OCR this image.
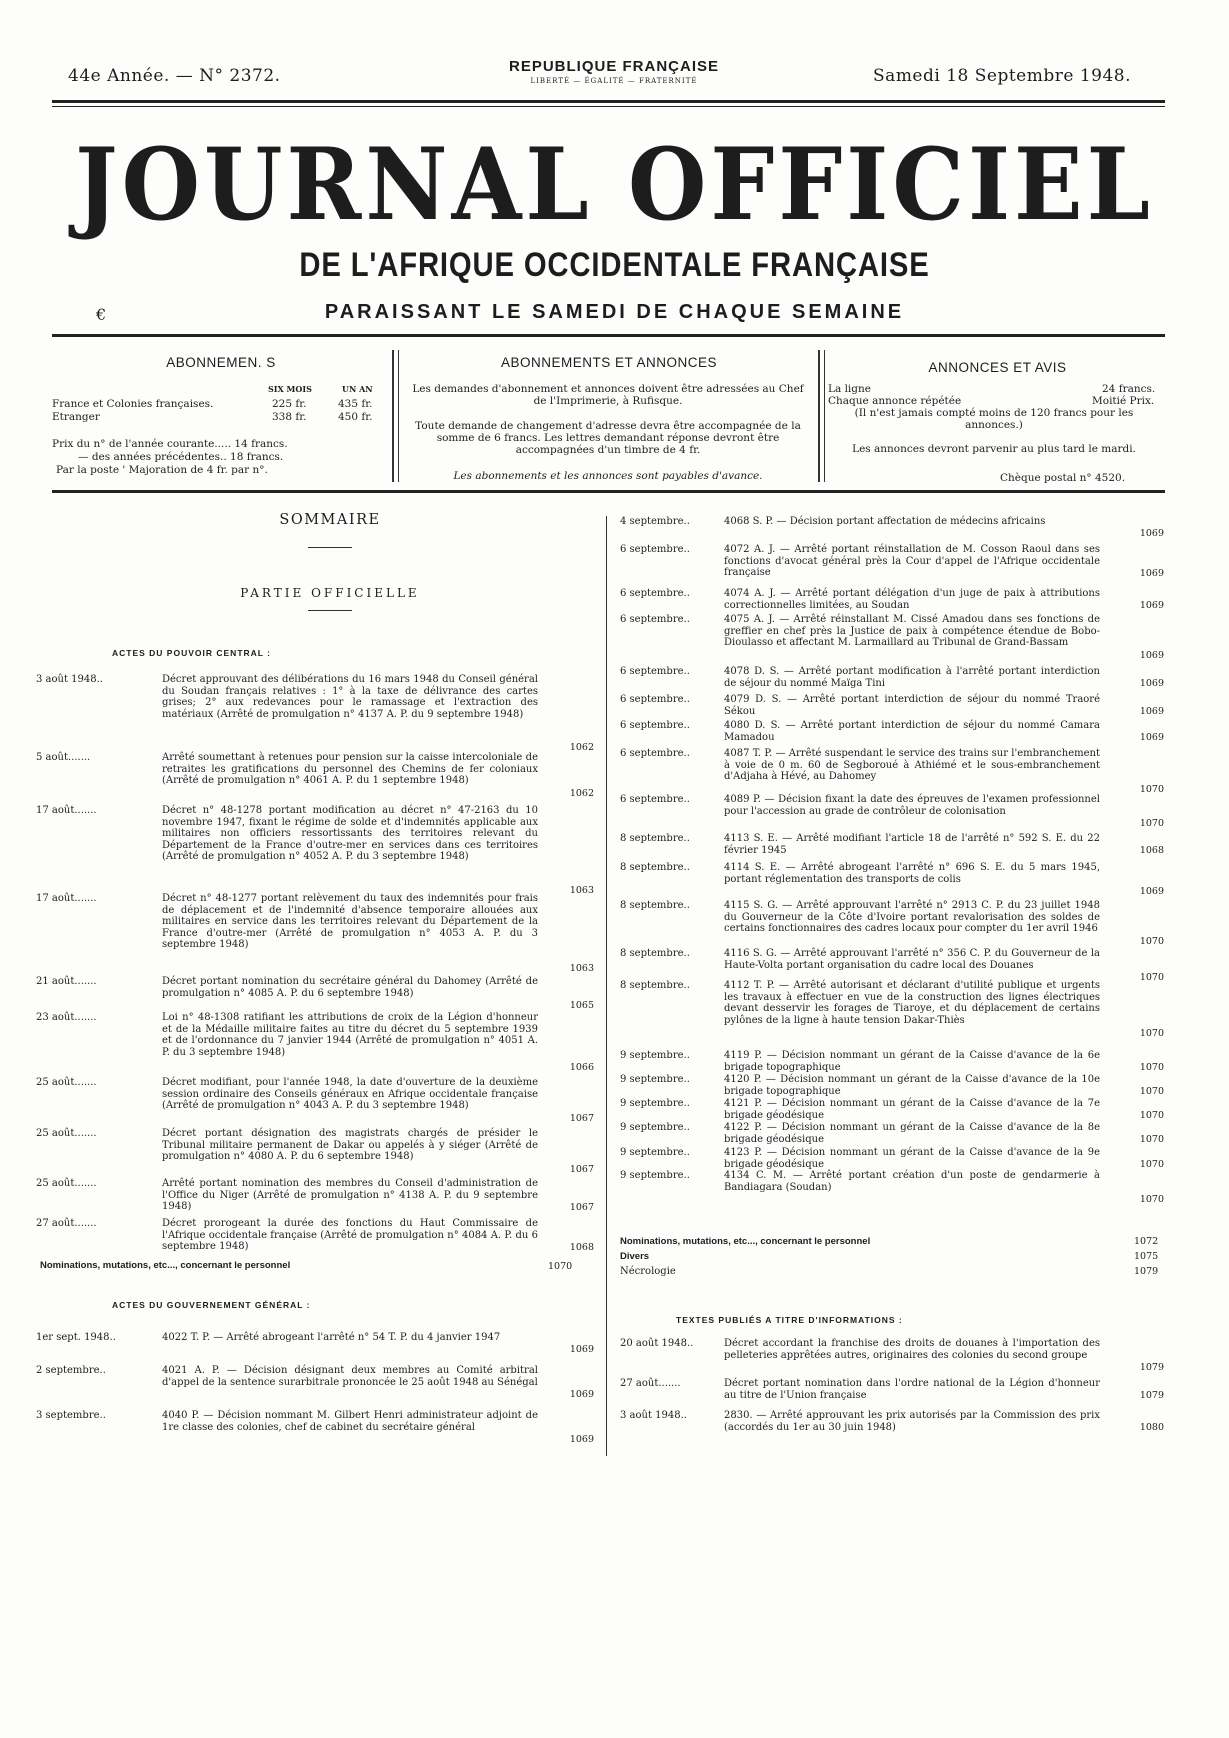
44e Année. — N° 2372.	REPUBLIQUE FRANÇAISE
LIBERTÉ — ÉGALITÉ — FRATERNITÉ	Samedi 18 Septembre 1948.
JOURNAL OFFICIEL
DE L'AFRIQUE OCCIDENTALE FRANÇAISE
€	PARAISSANT LE SAMEDI DE CHAQUE SEMAINE
ABONNEMEN. S
SIX MOIS	UN AN
France et Colonies françaises.	225 fr.	435 fr.
Etranger	338 fr.	450 fr.
Prix du n° de l'année courante..... 14 francs.
— des années précédentes.. 18 francs.
Par la poste ' Majoration de 4 fr. par n°.
ABONNEMENTS ET ANNONCES
Les demandes d'abonnement et annonces doivent être adressées au Chef de l'Imprimerie, à Rufisque.
Toute demande de changement d'adresse devra être accompagnée de la somme de 6 francs. Les lettres demandant réponse devront être accompagnées d'un timbre de 4 fr.
Les abonnements et les annonces sont payables d'avance.
ANNONCES ET AVIS
La ligne	24 francs.
Chaque annonce répétée	Moitié Prix.
(Il n'est jamais compté moins de 120 francs pour les annonces.)
Les annonces devront parvenir au plus tard le mardi.
Chèque postal n° 4520.
SOMMAIRE
PARTIE OFFICIELLE
ACTES DU POUVOIR CENTRAL :
3 août 1948..	Décret approuvant des délibérations du 16 mars 1948 du Conseil général du Soudan français relatives : 1° à la taxe de délivrance des cartes grises; 2° aux redevances pour le ramassage et l'extraction des matériaux (Arrêté de promulgation n° 4137 A. P. du 9 septembre 1948)
1062
5 août.......	Arrêté soumettant à retenues pour pension sur la caisse intercoloniale de retraites les gratifications du personnel des Chemins de fer coloniaux (Arrêté de promulgation n° 4061 A. P. du 1 septembre 1948)
1062
17 août.......	Décret n° 48-1278 portant modification au décret n° 47-2163 du 10 novembre 1947, fixant le régime de solde et d'indemnités applicable aux militaires non officiers ressortissants des territoires relevant du Département de la France d'outre-mer en services dans ces territoires (Arrêté de promulgation n° 4052 A. P. du 3 septembre 1948)
1063
17 août.......	Décret n° 48-1277 portant relèvement du taux des indemnités pour frais de déplacement et de l'indemnité d'absence temporaire allouées aux militaires en service dans les territoires relevant du Département de la France d'outre-mer (Arrêté de promulgation n° 4053 A. P. du 3 septembre 1948)
1063
21 août.......	Décret portant nomination du secrétaire général du Dahomey (Arrêté de promulgation n° 4085 A. P. du 6 septembre 1948)
1065
23 août.......	Loi n° 48-1308 ratifiant les attributions de croix de la Légion d'honneur et de la Médaille militaire faites au titre du décret du 5 septembre 1939 et de l'ordonnance du 7 janvier 1944 (Arrêté de promulgation n° 4051 A. P. du 3 septembre 1948)
1066
25 août.......	Décret modifiant, pour l'année 1948, la date d'ouverture de la deuxième session ordinaire des Conseils généraux en Afrique occidentale française (Arrêté de promulgation n° 4043 A. P. du 3 septembre 1948)
1067
25 août.......	Décret portant désignation des magistrats chargés de présider le Tribunal militaire permanent de Dakar ou appelés à y siéger (Arrêté de promulgation n° 4080 A. P. du 6 septembre 1948)
1067
25 août.......	Arrêté portant nomination des membres du Conseil d'administration de l'Office du Niger (Arrêté de promulgation n° 4138 A. P. du 9 septembre 1948)	1067
27 août.......	Décret prorogeant la durée des fonctions du Haut Commissaire de l'Afrique occidentale française (Arrêté de promulgation n° 4084 A. P. du 6 septembre 1948)	1068
Nominations, mutations, etc..., concernant le personnel	1070
ACTES DU GOUVERNEMENT GÉNÉRAL :
1er sept. 1948..	4022 T. P. — Arrêté abrogeant l'arrêté n° 54 T. P. du 4 janvier 1947
1069
2 septembre..	4021 A. P. — Décision désignant deux membres au Comité arbitral d'appel de la sentence surarbitrale prononcée le 25 août 1948 au Sénégal
1069
3 septembre..	4040 P. — Décision nommant M. Gilbert Henri administrateur adjoint de 1re classe des colonies, chef de cabinet du secrétaire général
1069
4 septembre..	4068 S. P. — Décision portant affectation de médecins africains
1069
6 septembre..	4072 A. J. — Arrêté portant réinstallation de M. Cosson Raoul dans ses fonctions d'avocat général près la Cour d'appel de l'Afrique occidentale française	1069
6 septembre..	4074 A. J. — Arrêté portant délégation d'un juge de paix à attributions correctionnelles limitées, au Soudan	1069
6 septembre..	4075 A. J. — Arrêté réinstallant M. Cissé Amadou dans ses fonctions de greffier en chef près la Justice de paix à compétence étendue de Bobo-Dioulasso et affectant M. Larmaillard au Tribunal de Grand-Bassam
1069
6 septembre..	4078 D. S. — Arrêté portant modification à l'arrêté portant interdiction de séjour du nommé Maïga Tini	1069
6 septembre..	4079 D. S. — Arrêté portant interdiction de séjour du nommé Traoré Sékou	1069
6 septembre..	4080 D. S. — Arrêté portant interdiction de séjour du nommé Camara Mamadou	1069
6 septembre..	4087 T. P. — Arrêté suspendant le service des trains sur l'embranchement à voie de 0 m. 60 de Segboroué à Athiémé et le sous-embranchement d'Adjaha à Hévé, au Dahomey
1070
6 septembre..	4089 P. — Décision fixant la date des épreuves de l'examen professionnel pour l'accession au grade de contrôleur de colonisation
1070
8 septembre..	4113 S. E. — Arrêté modifiant l'article 18 de l'arrêté n° 592 S. E. du 22 février 1945	1068
8 septembre..	4114 S. E. — Arrêté abrogeant l'arrêté n° 696 S. E. du 5 mars 1945, portant réglementation des transports de colis
1069
8 septembre..	4115 S. G. — Arrêté approuvant l'arrêté n° 2913 C. P. du 23 juillet 1948 du Gouverneur de la Côte d'Ivoire portant revalorisation des soldes de certains fonctionnaires des cadres locaux pour compter du 1er avril 1946
1070
8 septembre..	4116 S. G. — Arrêté approuvant l'arrêté n° 356 C. P. du Gouverneur de la Haute-Volta portant organisation du cadre local des Douanes
1070
8 septembre..	4112 T. P. — Arrêté autorisant et déclarant d'utilité publique et urgents les travaux à effectuer en vue de la construction des lignes électriques devant desservir les forages de Tiaroye, et du déplacement de certains pylônes de la ligne à haute tension Dakar-Thiès
1070
9 septembre..	4119 P. — Décision nommant un gérant de la Caisse d'avance de la 6e brigade topographique	1070
9 septembre..	4120 P. — Décision nommant un gérant de la Caisse d'avance de la 10e brigade topographique	1070
9 septembre..	4121 P. — Décision nommant un gérant de la Caisse d'avance de la 7e brigade géodésique	1070
9 septembre..	4122 P. — Décision nommant un gérant de la Caisse d'avance de la 8e brigade géodésique	1070
9 septembre..	4123 P. — Décision nommant un gérant de la Caisse d'avance de la 9e brigade géodésique	1070
9 septembre..	4134 C. M. — Arrêté portant création d'un poste de gendarmerie à Bandiagara (Soudan)
1070
Nominations, mutations, etc..., concernant le personnel	1072
Divers	1075
Nécrologie	1079
TEXTES PUBLIÉS A TITRE D'INFORMATIONS :
20 août 1948..	Décret accordant la franchise des droits de douanes à l'importation des pelleteries apprêtées autres, originaires des colonies du second groupe
1079
27 août.......	Décret portant nomination dans l'ordre national de la Légion d'honneur au titre de l'Union française	1079
3 août 1948..	2830. — Arrêté approuvant les prix autorisés par la Commission des prix (accordés du 1er au 30 juin 1948)	1080
